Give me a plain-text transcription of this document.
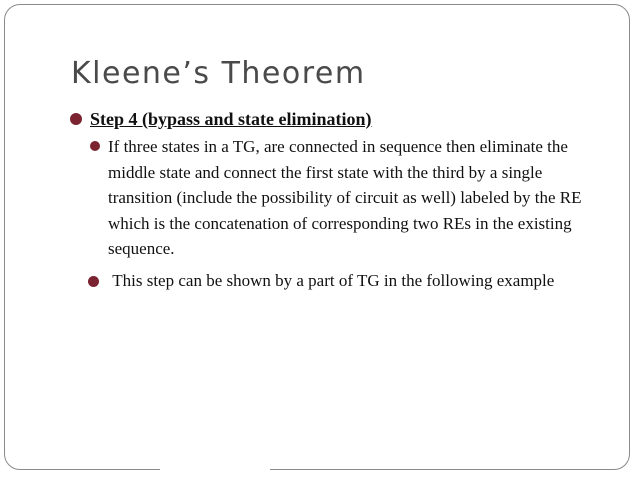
Kleene’s Theorem
Step 4 (bypass and state elimination)
If three states in a TG, are connected in sequence then eliminate the middle state and connect the first state with the third by a single transition (include the possibility of circuit as well) labeled by the RE which is the concatenation of corresponding two REs in the existing sequence.
This step can be shown by a part of TG in the following example
